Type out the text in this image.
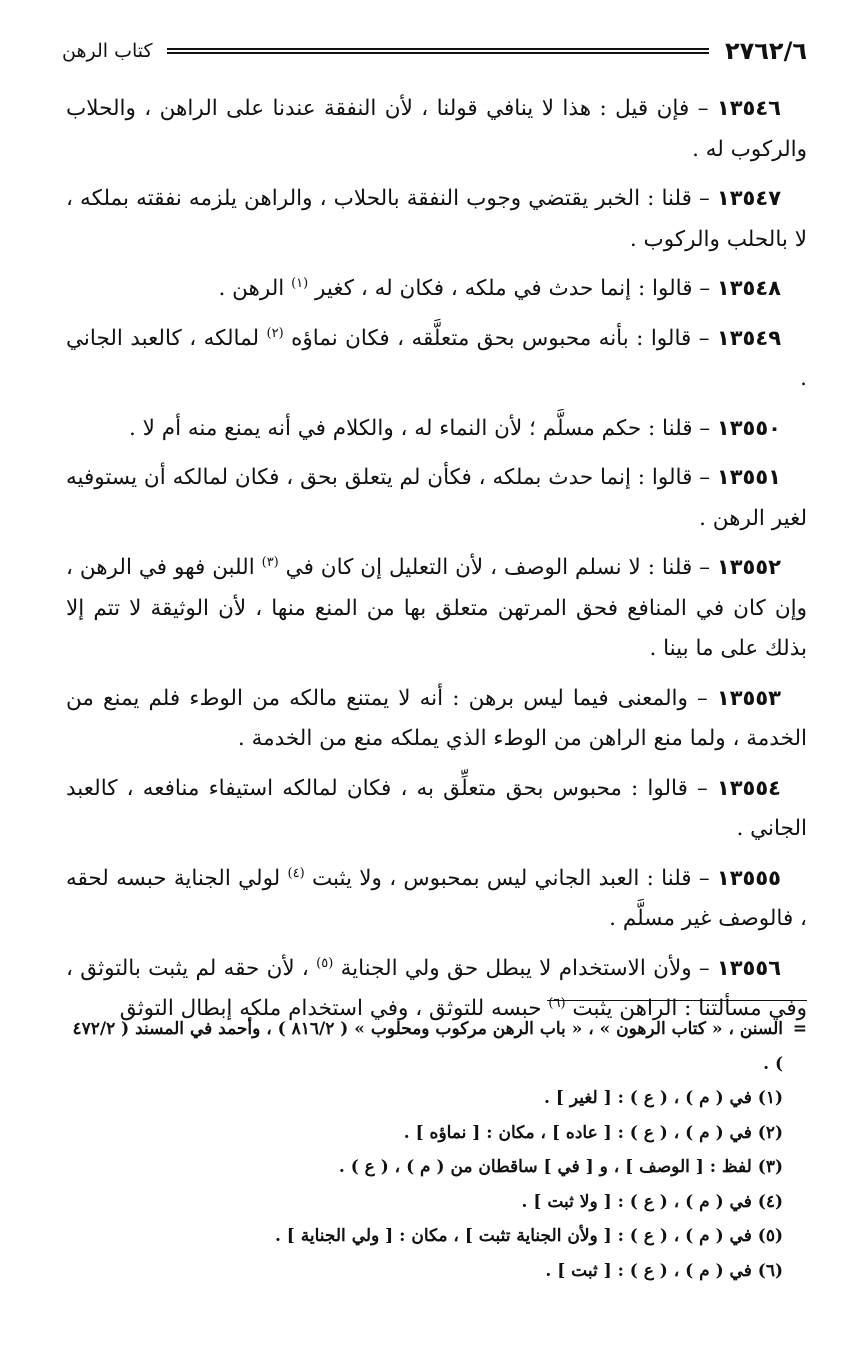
٢٧٦٢/٦
كتاب الرهن

١٣٥٤٦ – فإن قيل : هذا لا ينافي قولنا ، لأن النفقة عندنا على الراهن ، والحلاب والركوب له .

١٣٥٤٧ – قلنا : الخبر يقتضي وجوب النفقة بالحلاب ، والراهن يلزمه نفقته بملكه ، لا بالحلب والركوب .

١٣٥٤٨ – قالوا : إنما حدث في ملكه ، فكان له ، كغير $^{(١)}$ الرهن .

١٣٥٤٩ – قالوا : بأنه محبوس بحق متعلَّقه ، فكان نماؤه $^{(٢)}$ لمالكه ، كالعبد الجاني .

١٣٥٥٠ – قلنا : حكم مسلَّم ؛ لأن النماء له ، والكلام في أنه يمنع منه أم لا .

١٣٥٥١ – قالوا : إنما حدث بملكه ، فكأن لم يتعلق بحق ، فكان لمالكه أن يستوفيه لغير الرهن .

١٣٥٥٢ – قلنا : لا نسلم الوصف ، لأن التعليل إن كان في $^{(٣)}$ اللبن فهو في الرهن ، وإن كان في المنافع فحق المرتهن متعلق بها من المنع منها ، لأن الوثيقة لا تتم إلا بذلك على ما بينا .

١٣٥٥٣ – والمعنى فيما ليس برهن : أنه لا يمتنع مالكه من الوطء فلم يمنع من الخدمة ، ولما منع الراهن من الوطء الذي يملكه منع من الخدمة .

١٣٥٥٤ – قالوا : محبوس بحق متعلِّق به ، فكان لمالكه استيفاء منافعه ، كالعبد الجاني .

١٣٥٥٥ – قلنا : العبد الجاني ليس بمحبوس ، ولا يثبت $^{(٤)}$ لولي الجناية حبسه لحقه ، فالوصف غير مسلَّم .

١٣٥٥٦ – ولأن الاستخدام لا يبطل حق ولي الجناية $^{(٥)}$ ، لأن حقه لم يثبت بالتوثق ، وفي مسألتنا : الراهن يثبت $^{(٦)}$ حبسه للتوثق ، وفي استخدام ملكه إبطال التوثق

=
السنن ، « كتاب الرهون » ، « باب الرهن مركوب ومحلوب » ( ٨١٦/٢ ) ، وأحمد في المسند ( ٤٧٢/٢ ) .
(١) في ( م ) ، ( ع ) : [ لغير ] .
(٢) في ( م ) ، ( ع ) : [ عاده ] ، مكان : [ نماؤه ] .
(٣) لفظ : [ الوصف ] ، و [ في ] ساقطان من ( م ) ، ( ع ) .
(٤) في ( م ) ، ( ع ) : [ ولا ثبت ] .
(٥) في ( م ) ، ( ع ) : [ ولأن الجناية تثبت ] ، مكان : [ ولي الجناية ] .
(٦) في ( م ) ، ( ع ) : [ ثبت ] .
